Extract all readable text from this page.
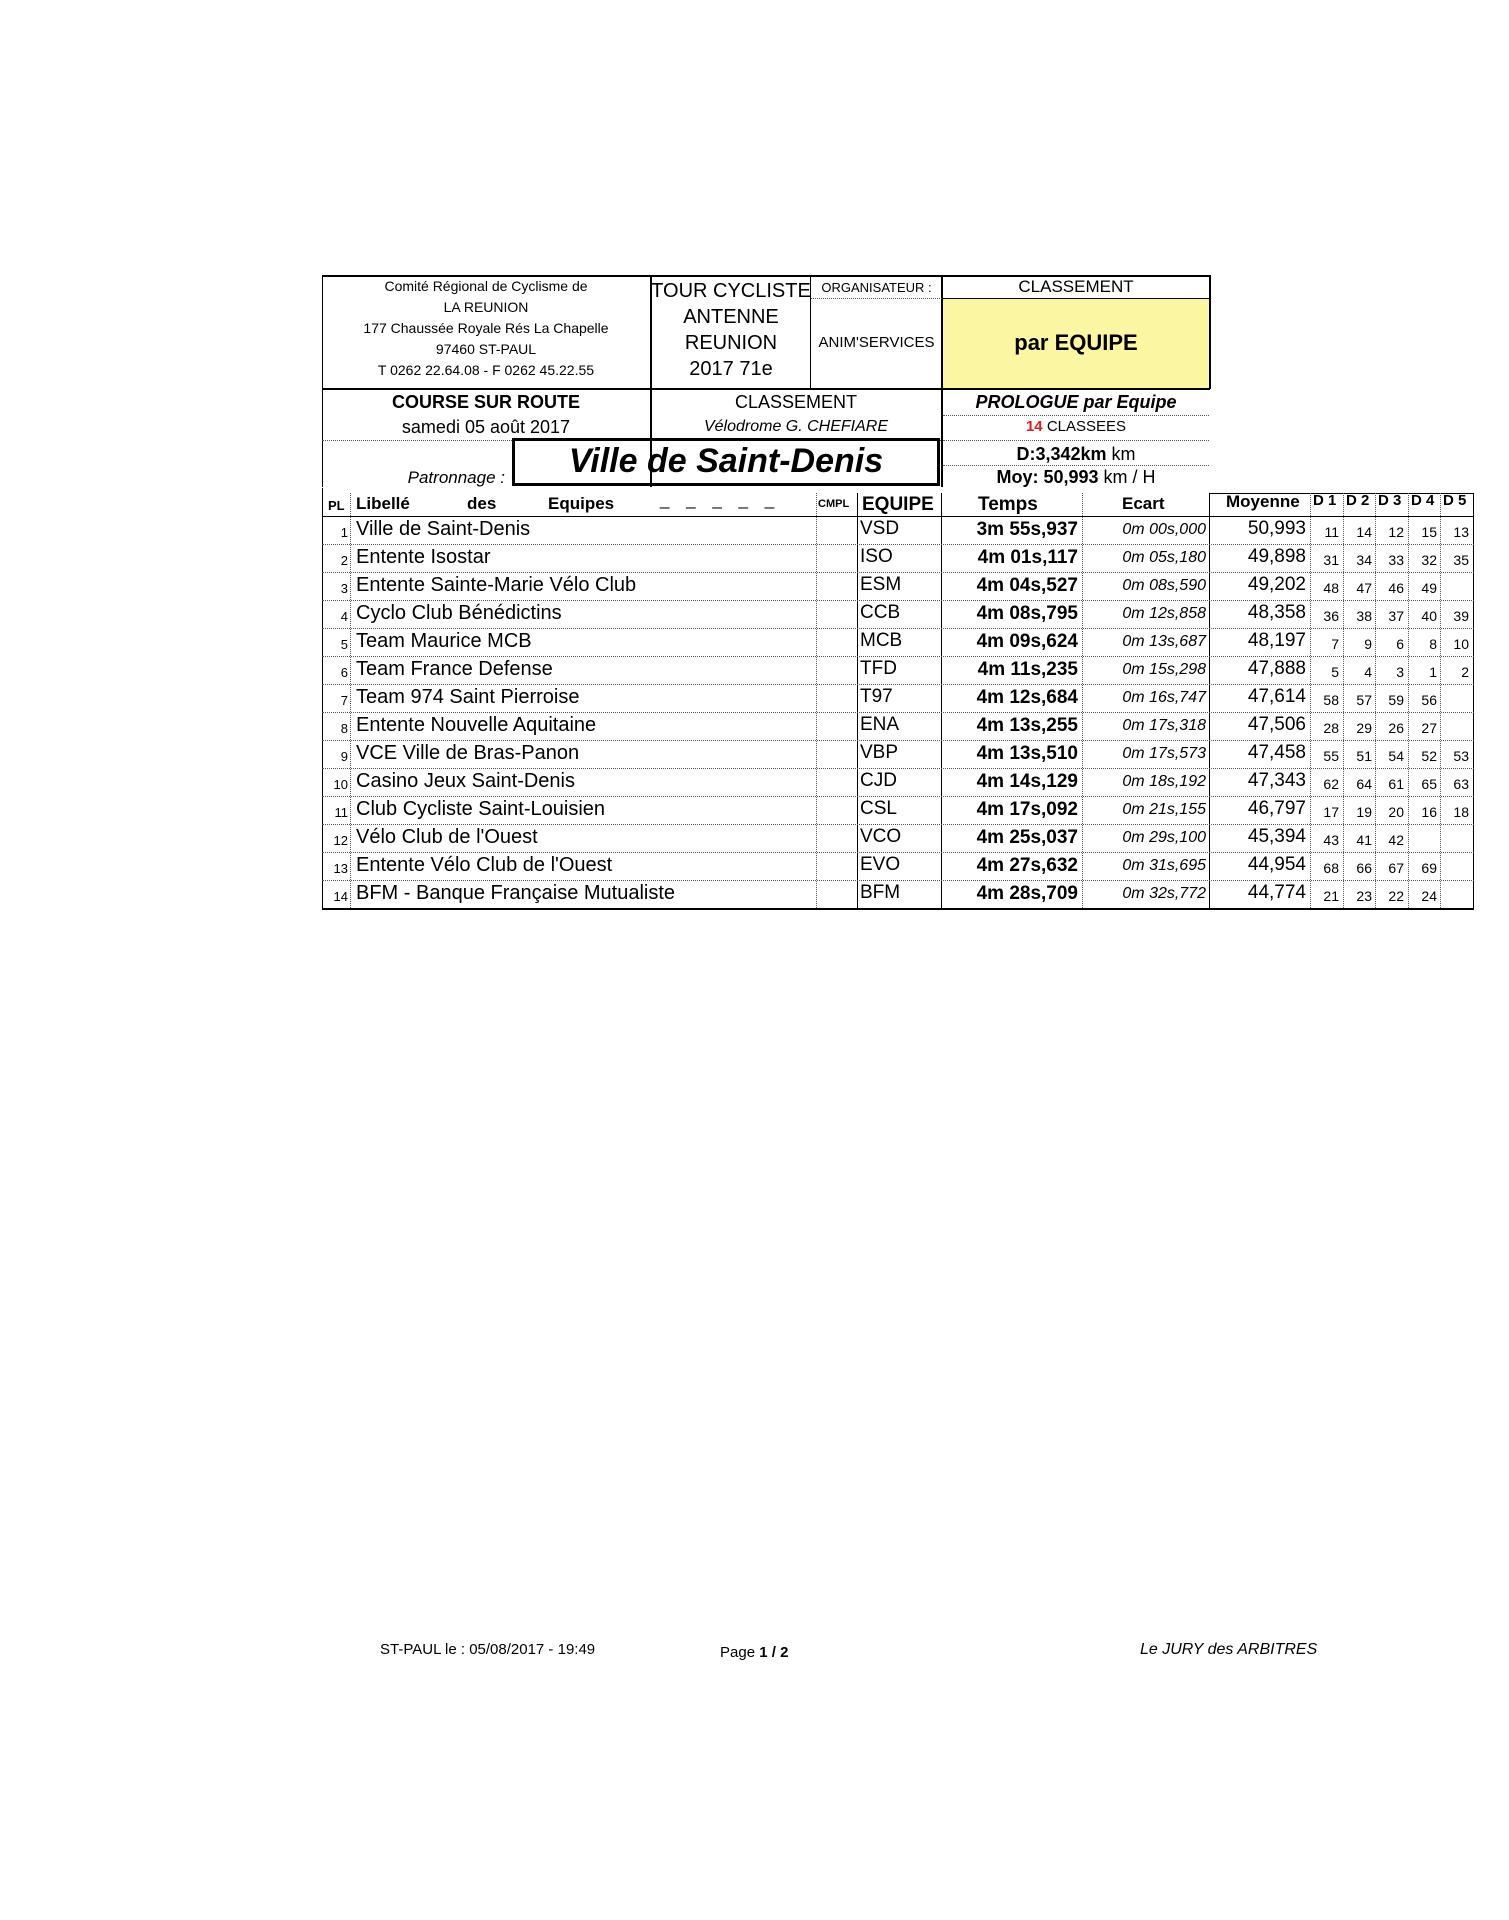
Comité Régional de Cyclisme de
LA REUNION
177 Chaussée Royale Rés La Chapelle
97460 ST-PAUL
T 0262 22.64.08 - F 0262 45.22.55
TOUR CYCLISTE
ANTENNE
REUNION
2017 71e
ORGANISATEUR :
ANIM'SERVICES
CLASSEMENT
par EQUIPE
COURSE SUR ROUTE
samedi 05 août 2017
CLASSEMENT
Vélodrome G. CHEFIARE
PROLOGUE par Equipe
14 CLASSEES
Patronnage :	Ville de Saint-Denis	D:3,342km km
Moy: 50,993 km / H
PL Libellé	des	Equipes	_ _ _ _ _	CMPL EQUIPE Temps	Ecart	Moyenne D 1 D 2 D 3 D 4 D 5
1 Ville de Saint-Denis	VSD	3m 55s,937	0m 00s,000	50,993	11	14	12	15	13
2 Entente Isostar	ISO	4m 01s,117	0m 05s,180	49,898	31	34	33	32	35
3 Entente Sainte-Marie Vélo Club	ESM	4m 04s,527	0m 08s,590	49,202	48	47	46	49
4 Cyclo Club Bénédictins	CCB	4m 08s,795	0m 12s,858	48,358	36	38	37	40	39
5 Team Maurice MCB	MCB	4m 09s,624	0m 13s,687	48,197	7	9	6	8	10
6 Team France Defense	TFD	4m 11s,235	0m 15s,298	47,888	5	4	3	1	2
7 Team 974 Saint Pierroise	T97	4m 12s,684	0m 16s,747	47,614	58	57	59	56
8 Entente Nouvelle Aquitaine	ENA	4m 13s,255	0m 17s,318	47,506	28	29	26	27
9 VCE Ville de Bras-Panon	VBP	4m 13s,510	0m 17s,573	47,458	55	51	54	52	53
10 Casino Jeux Saint-Denis	CJD	4m 14s,129	0m 18s,192	47,343	62	64	61	65	63
11 Club Cycliste Saint-Louisien	CSL	4m 17s,092	0m 21s,155	46,797	17	19	20	16	18
12 Vélo Club de l'Ouest	VCO	4m 25s,037	0m 29s,100	45,394	43	41	42
13 Entente Vélo Club de l'Ouest	EVO	4m 27s,632	0m 31s,695	44,954	68	66	67	69
14 BFM - Banque Française Mutualiste	BFM	4m 28s,709	0m 32s,772	44,774	21	23	22	24
ST-PAUL le : 05/08/2017 - 19:49	Page 1 / 2	Le JURY des ARBITRES
